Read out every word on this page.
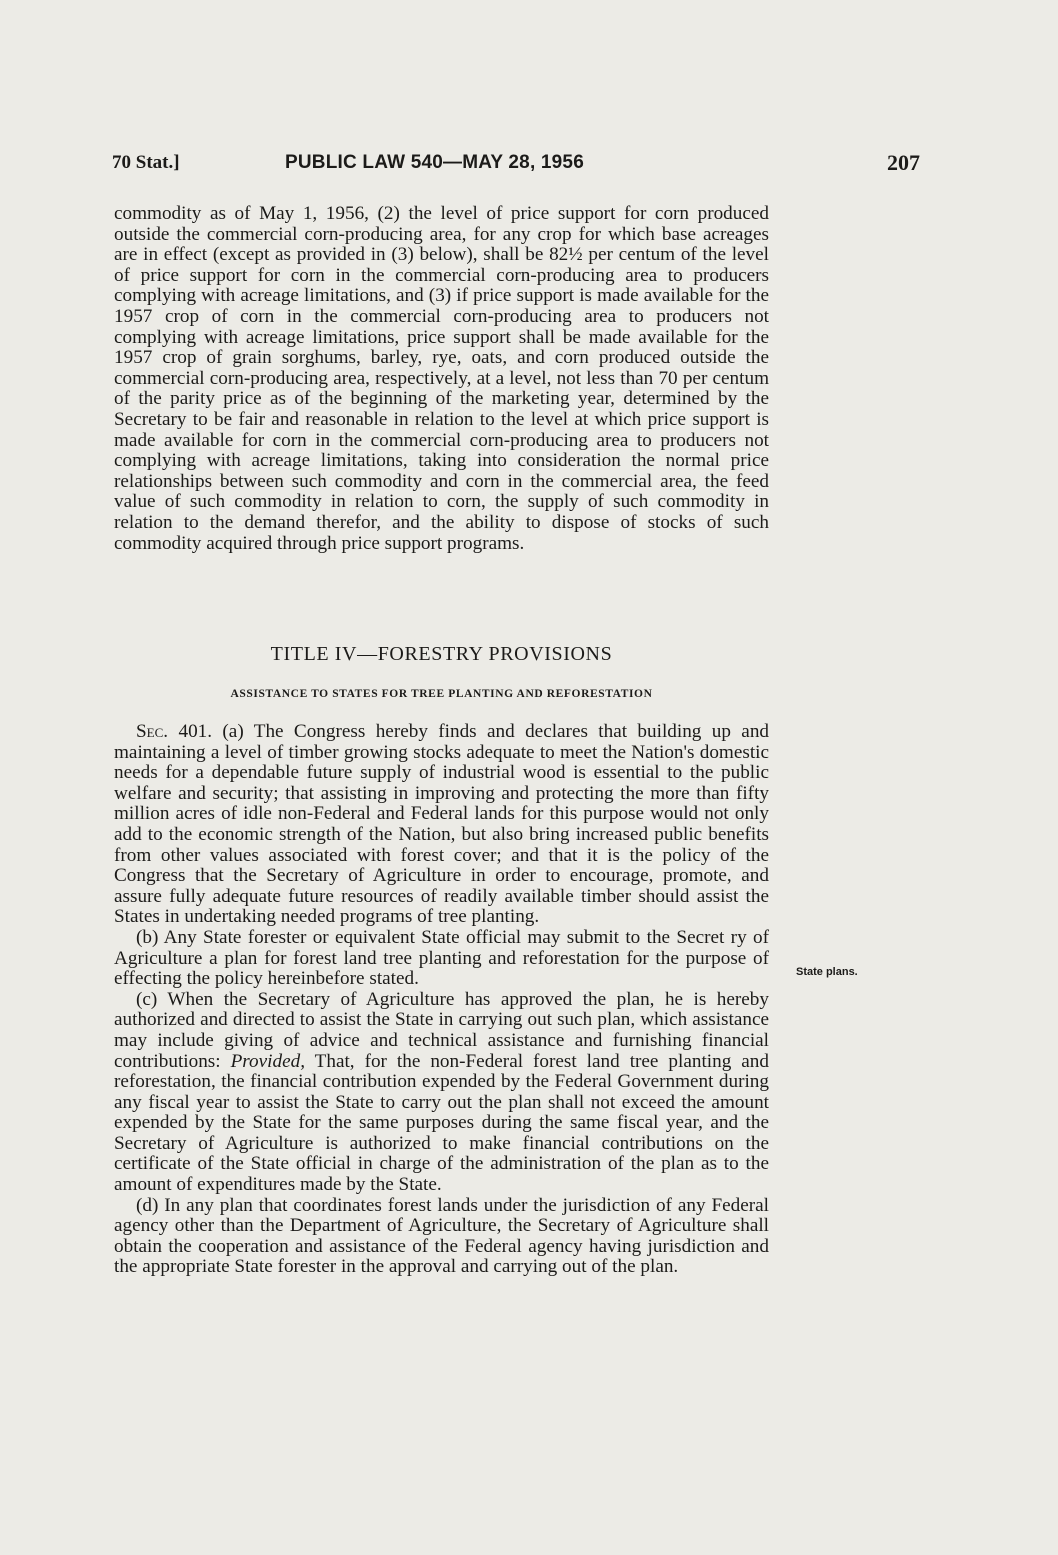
70 Stat.]	PUBLIC LAW 540—MAY 28, 1956	207

commodity as of May 1, 1956, (2) the level of price support for corn produced outside the commercial corn-producing area, for any crop for which base acreages are in effect (except as provided in (3) below), shall be 82½ per centum of the level of price support for corn in the commercial corn-producing area to producers complying with acreage limitations, and (3) if price support is made available for the 1957 crop of corn in the commercial corn-producing area to producers not complying with acreage limitations, price support shall be made available for the 1957 crop of grain sorghums, barley, rye, oats, and corn produced outside the commercial corn-producing area, respectively, at a level, not less than 70 per centum of the parity price as of the beginning of the marketing year, determined by the Secretary to be fair and reasonable in relation to the level at which price support is made available for corn in the commercial corn-producing area to producers not complying with acreage limitations, taking into consideration the normal price relationships between such commodity and corn in the commercial area, the feed value of such commodity in relation to corn, the supply of such commodity in relation to the demand therefor, and the ability to dispose of stocks of such commodity acquired through price support programs.

TITLE IV—FORESTRY PROVISIONS
ASSISTANCE TO STATES FOR TREE PLANTING AND REFORESTATION

Sec. 401. (a) The Congress hereby finds and declares that building up and maintaining a level of timber growing stocks adequate to meet the Nation's domestic needs for a dependable future supply of industrial wood is essential to the public welfare and security; that assisting in improving and protecting the more than fifty million acres of idle non-Federal and Federal lands for this purpose would not only add to the economic strength of the Nation, but also bring increased public benefits from other values associated with forest cover; and that it is the policy of the Congress that the Secretary of Agriculture in order to encourage, promote, and assure fully adequate future resources of readily available timber should assist the States in undertaking needed programs of tree planting.

(b) Any State forester or equivalent State official may submit to the Secret ry of Agriculture a plan for forest land tree planting and reforestation for the purpose of effecting the policy hereinbefore stated.

(c) When the Secretary of Agriculture has approved the plan, he is hereby authorized and directed to assist the State in carrying out such plan, which assistance may include giving of advice and technical assistance and furnishing financial contributions: Provided, That, for the non-Federal forest land tree planting and reforestation, the financial contribution expended by the Federal Government during any fiscal year to assist the State to carry out the plan shall not exceed the amount expended by the State for the same purposes during the same fiscal year, and the Secretary of Agriculture is authorized to make financial contributions on the certificate of the State official in charge of the administration of the plan as to the amount of expenditures made by the State.

(d) In any plan that coordinates forest lands under the jurisdiction of any Federal agency other than the Department of Agriculture, the Secretary of Agriculture shall obtain the cooperation and assistance of the Federal agency having jurisdiction and the appropriate State forester in the approval and carrying out of the plan.

State plans.
